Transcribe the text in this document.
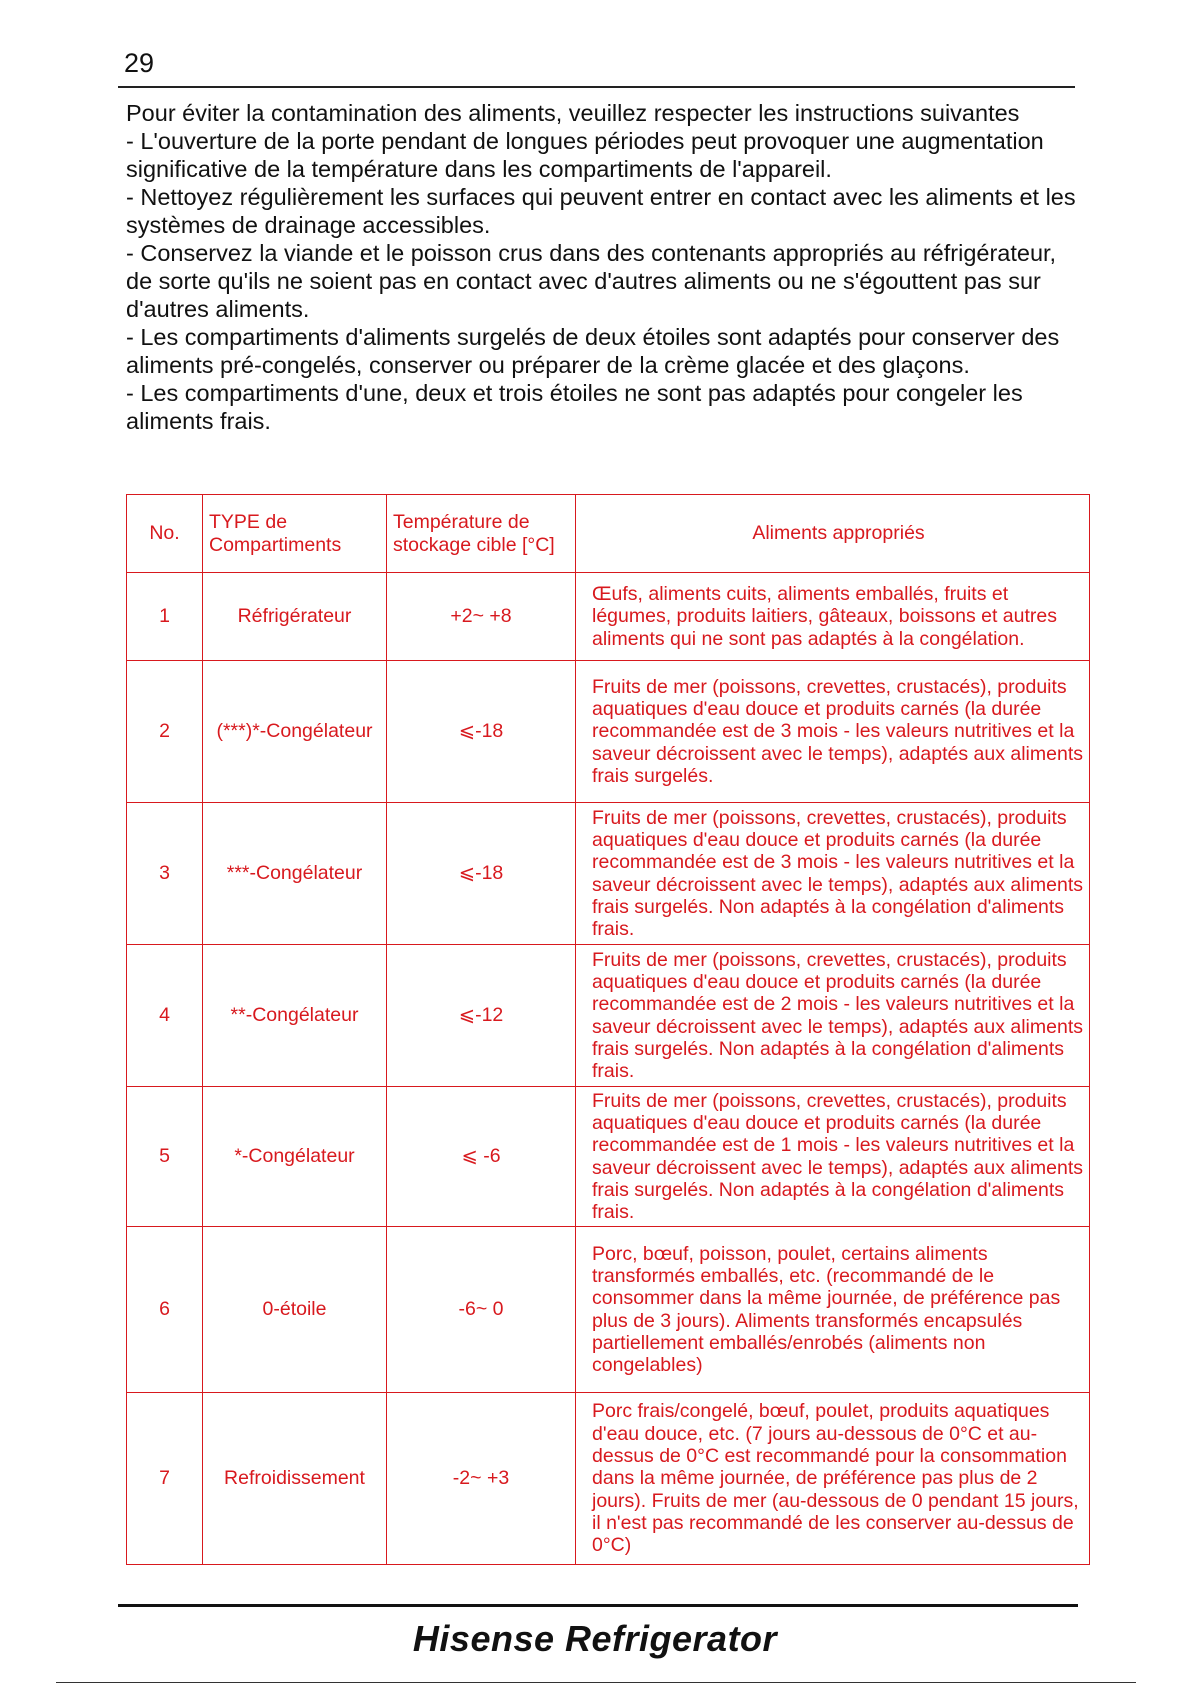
29

Pour éviter la contamination des aliments, veuillez respecter les instructions suivantes

- L'ouverture de la porte pendant de longues périodes peut provoquer une augmentation significative de la température dans les compartiments de l'appareil.

- Nettoyez régulièrement les surfaces qui peuvent entrer en contact avec les aliments et les systèmes de drainage accessibles.

- Conservez la viande et le poisson crus dans des contenants appropriés au réfrigérateur, de sorte qu'ils ne soient pas en contact avec d'autres aliments ou ne s'égouttent pas sur d'autres aliments.

- Les compartiments d'aliments surgelés de deux étoiles sont adaptés pour conserver des aliments pré-congelés, conserver ou préparer de la crème glacée et des glaçons.

- Les compartiments d'une, deux et trois étoiles ne sont pas adaptés pour congeler les aliments frais.

No.	TYPE de Compartiments	Température de stockage cible [°C]	Aliments appropriés
1	Réfrigérateur	+2~ +8	Œufs, aliments cuits, aliments emballés, fruits et légumes, produits laitiers, gâteaux, boissons et autres aliments qui ne sont pas adaptés à la congélation.
2	(***)*-Congélateur	⩽-18	Fruits de mer (poissons, crevettes, crustacés), produits aquatiques d'eau douce et produits carnés (la durée recommandée est de 3 mois - les valeurs nutritives et la saveur décroissent avec le temps), adaptés aux aliments frais surgelés.
3	***-Congélateur	⩽-18	Fruits de mer (poissons, crevettes, crustacés), produits aquatiques d'eau douce et produits carnés (la durée recommandée est de 3 mois - les valeurs nutritives et la saveur décroissent avec le temps), adaptés aux aliments frais surgelés. Non adaptés à la congélation d'aliments frais.
4	**-Congélateur	⩽-12	Fruits de mer (poissons, crevettes, crustacés), produits aquatiques d'eau douce et produits carnés (la durée recommandée est de 2 mois - les valeurs nutritives et la saveur décroissent avec le temps), adaptés aux aliments frais surgelés. Non adaptés à la congélation d'aliments frais.
5	*-Congélateur	⩽ -6	Fruits de mer (poissons, crevettes, crustacés), produits aquatiques d'eau douce et produits carnés (la durée recommandée est de 1 mois - les valeurs nutritives et la saveur décroissent avec le temps), adaptés aux aliments frais surgelés. Non adaptés à la congélation d'aliments frais.
6	0-étoile	-6~ 0	Porc, bœuf, poisson, poulet, certains aliments transformés emballés, etc. (recommandé de le consommer dans la même journée, de préférence pas plus de 3 jours). Aliments transformés encapsulés partiellement emballés/enrobés (aliments non congelables)
7	Refroidissement	-2~ +3	Porc frais/congelé, bœuf, poulet, produits aquatiques d'eau douce, etc. (7 jours au-dessous de 0°C et au-dessus de 0°C est recommandé pour la consommation dans la même journée, de préférence pas plus de 2 jours). Fruits de mer (au-dessous de 0 pendant 15 jours, il n'est pas recommandé de les conserver au-dessus de 0°C)
Hisense Refrigerator
